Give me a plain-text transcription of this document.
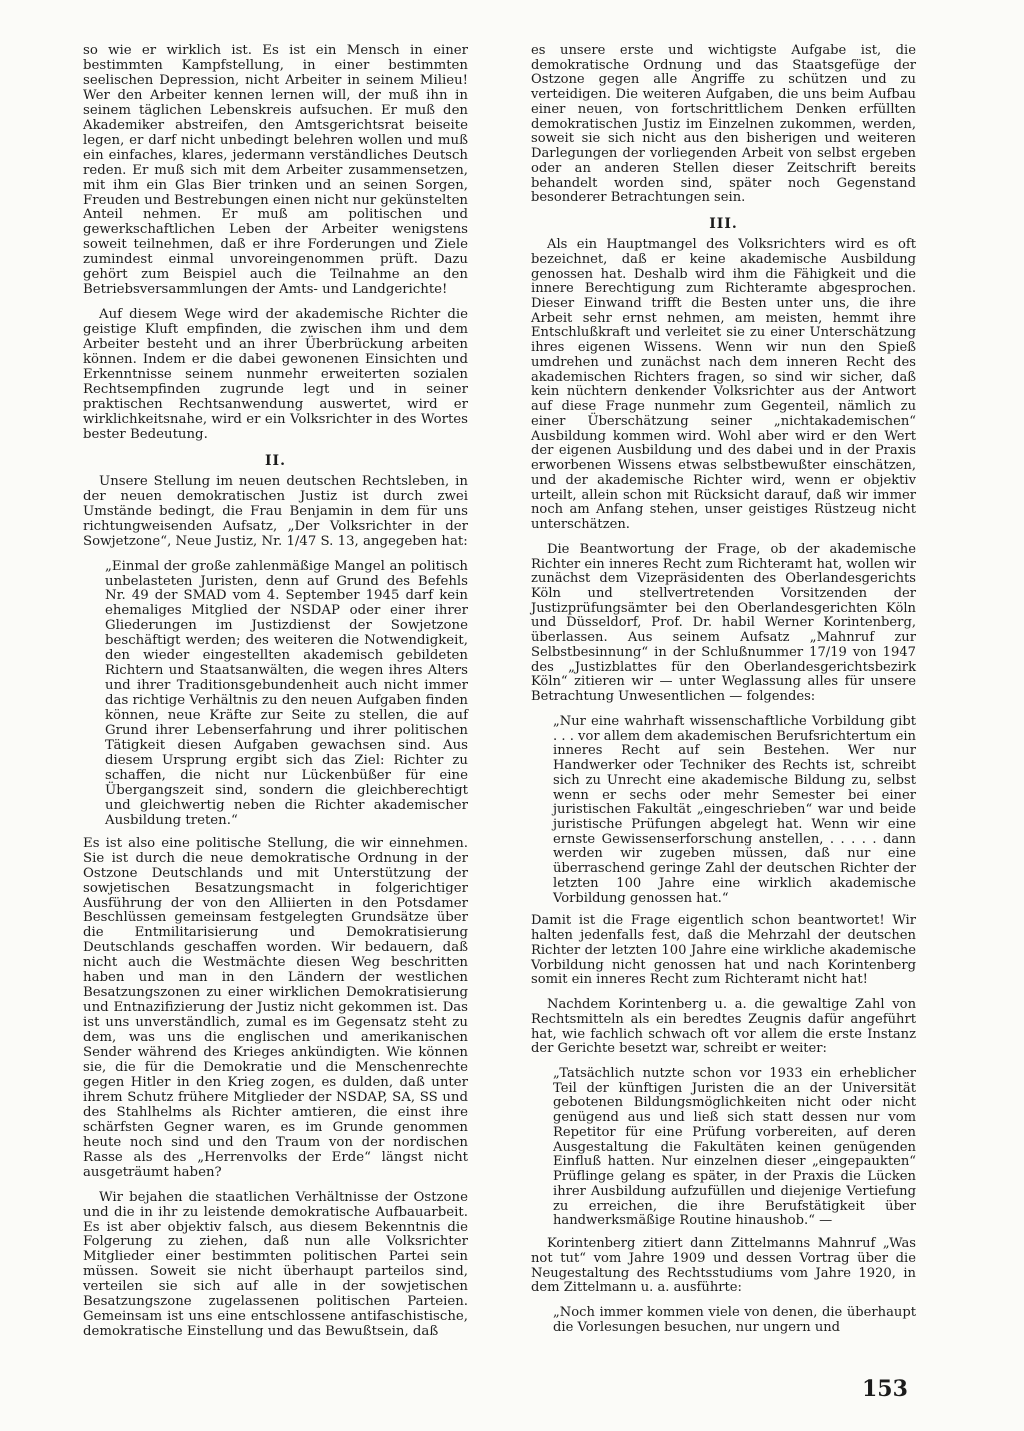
so wie er wirklich ist. Es ist ein Mensch in einer bestimmten Kampfstellung, in einer bestimmten seelischen Depression, nicht Arbeiter in seinem Milieu! Wer den Arbeiter kennen lernen will, der muß ihn in seinem täglichen Lebenskreis aufsuchen. Er muß den Akademiker abstreifen, den Amtsgerichtsrat beiseite legen, er darf nicht unbedingt belehren wollen und muß ein einfaches, klares, jedermann verständliches Deutsch reden. Er muß sich mit dem Arbeiter zusammensetzen, mit ihm ein Glas Bier trinken und an seinen Sorgen, Freuden und Bestrebungen einen nicht nur gekünstelten Anteil nehmen. Er muß am politischen und gewerkschaftlichen Leben der Arbeiter wenigstens soweit teilnehmen, daß er ihre Forderungen und Ziele zumindest einmal unvoreingenommen prüft. Dazu gehört zum Beispiel auch die Teilnahme an den Betriebsversammlungen der Amts- und Landgerichte!

Auf diesem Wege wird der akademische Richter die geistige Kluft empfinden, die zwischen ihm und dem Arbeiter besteht und an ihrer Überbrückung arbeiten können. Indem er die dabei gewonenen Einsichten und Erkenntnisse seinem nunmehr erweiterten sozialen Rechtsempfinden zugrunde legt und in seiner praktischen Rechtsanwendung auswertet, wird er wirklichkeitsnahe, wird er ein Volksrichter in des Wortes bester Bedeutung.

II.

Unsere Stellung im neuen deutschen Rechtsleben, in der neuen demokratischen Justiz ist durch zwei Umstände bedingt, die Frau Benjamin in dem für uns richtungweisenden Aufsatz, „Der Volksrichter in der Sowjetzone“, Neue Justiz, Nr. 1/47 S. 13, angegeben hat:

„Einmal der große zahlenmäßige Mangel an politisch unbelasteten Juristen, denn auf Grund des Befehls Nr. 49 der SMAD vom 4. September 1945 darf kein ehemaliges Mitglied der NSDAP oder einer ihrer Gliederungen im Justizdienst der Sowjetzone beschäftigt werden; des weiteren die Notwendigkeit, den wieder eingestellten akademisch gebildeten Richtern und Staatsanwälten, die wegen ihres Alters und ihrer Traditionsgebundenheit auch nicht immer das richtige Verhältnis zu den neuen Aufgaben finden können, neue Kräfte zur Seite zu stellen, die auf Grund ihrer Lebenserfahrung und ihrer politischen Tätigkeit diesen Aufgaben gewachsen sind. Aus diesem Ursprung ergibt sich das Ziel: Richter zu schaffen, die nicht nur Lückenbüßer für eine Übergangszeit sind, sondern die gleichberechtigt und gleichwertig neben die Richter akademischer Ausbildung treten.“

Es ist also eine politische Stellung, die wir einnehmen. Sie ist durch die neue demokratische Ordnung in der Ostzone Deutschlands und mit Unterstützung der sowjetischen Besatzungsmacht in folgerichtiger Ausführung der von den Alliierten in den Potsdamer Beschlüssen gemeinsam festgelegten Grundsätze über die Entmilitarisierung und Demokratisierung Deutschlands geschaffen worden. Wir bedauern, daß nicht auch die Westmächte diesen Weg beschritten haben und man in den Ländern der westlichen Besatzungszonen zu einer wirklichen Demokratisierung und Entnazifizierung der Justiz nicht gekommen ist. Das ist uns unverständlich, zumal es im Gegensatz steht zu dem, was uns die englischen und amerikanischen Sender während des Krieges ankündigten. Wie können sie, die für die Demokratie und die Menschenrechte gegen Hitler in den Krieg zogen, es dulden, daß unter ihrem Schutz frühere Mitglieder der NSDAP, SA, SS und des Stahlhelms als Richter amtieren, die einst ihre schärfsten Gegner waren, es im Grunde genommen heute noch sind und den Traum von der nordischen Rasse als des „Herrenvolks der Erde“ längst nicht ausgeträumt haben?

Wir bejahen die staatlichen Verhältnisse der Ostzone und die in ihr zu leistende demokratische Aufbauarbeit. Es ist aber objektiv falsch, aus diesem Bekenntnis die Folgerung zu ziehen, daß nun alle Volksrichter Mitglieder einer bestimmten politischen Partei sein müssen. Soweit sie nicht überhaupt parteilos sind, verteilen sie sich auf alle in der sowjetischen Besatzungszone zugelassenen politischen Parteien. Gemeinsam ist uns eine entschlossene antifaschistische, demokratische Einstellung und das Bewußtsein, daß

es unsere erste und wichtigste Aufgabe ist, die demokratische Ordnung und das Staatsgefüge der Ostzone gegen alle Angriffe zu schützen und zu verteidigen. Die weiteren Aufgaben, die uns beim Aufbau einer neuen, von fortschrittlichem Denken erfüllten demokratischen Justiz im Einzelnen zukommen, werden, soweit sie sich nicht aus den bisherigen und weiteren Darlegungen der vorliegenden Arbeit von selbst ergeben oder an anderen Stellen dieser Zeitschrift bereits behandelt worden sind, später noch Gegenstand besonderer Betrachtungen sein.

III.

Als ein Hauptmangel des Volksrichters wird es oft bezeichnet, daß er keine akademische Ausbildung genossen hat. Deshalb wird ihm die Fähigkeit und die innere Berechtigung zum Richteramte abgesprochen. Dieser Einwand trifft die Besten unter uns, die ihre Arbeit sehr ernst nehmen, am meisten, hemmt ihre Entschlußkraft und verleitet sie zu einer Unterschätzung ihres eigenen Wissens. Wenn wir nun den Spieß umdrehen und zunächst nach dem inneren Recht des akademischen Richters fragen, so sind wir sicher, daß kein nüchtern denkender Volksrichter aus der Antwort auf diese Frage nunmehr zum Gegenteil, nämlich zu einer Überschätzung seiner „nichtakademischen“ Ausbildung kommen wird. Wohl aber wird er den Wert der eigenen Ausbildung und des dabei und in der Praxis erworbenen Wissens etwas selbstbewußter einschätzen, und der akademische Richter wird, wenn er objektiv urteilt, allein schon mit Rücksicht darauf, daß wir immer noch am Anfang stehen, unser geistiges Rüstzeug nicht unterschätzen.

Die Beantwortung der Frage, ob der akademische Richter ein inneres Recht zum Richteramt hat, wollen wir zunächst dem Vizepräsidenten des Oberlandesgerichts Köln und stellvertretenden Vorsitzenden der Justizprüfungsämter bei den Oberlandesgerichten Köln und Düsseldorf, Prof. Dr. habil Werner Korintenberg, überlassen. Aus seinem Aufsatz „Mahnruf zur Selbstbesinnung“ in der Schlußnummer 17/19 von 1947 des „Justizblattes für den Oberlandesgerichtsbezirk Köln“ zitieren wir — unter Weglassung alles für unsere Betrachtung Unwesentlichen — folgendes:

„Nur eine wahrhaft wissenschaftliche Vorbildung gibt . . . vor allem dem akademischen Berufsrichtertum ein inneres Recht auf sein Bestehen. Wer nur Handwerker oder Techniker des Rechts ist, schreibt sich zu Unrecht eine akademische Bildung zu, selbst wenn er sechs oder mehr Semester bei einer juristischen Fakultät „eingeschrieben“ war und beide juristische Prüfungen abgelegt hat. Wenn wir eine ernste Gewissenserforschung anstellen, . . . . . dann werden wir zugeben müssen, daß nur eine überraschend geringe Zahl der deutschen Richter der letzten 100 Jahre eine wirklich akademische Vorbildung genossen hat.“

Damit ist die Frage eigentlich schon beantwortet! Wir halten jedenfalls fest, daß die Mehrzahl der deutschen Richter der letzten 100 Jahre eine wirkliche akademische Vorbildung nicht genossen hat und nach Korintenberg somit ein inneres Recht zum Richteramt nicht hat!

Nachdem Korintenberg u. a. die gewaltige Zahl von Rechtsmitteln als ein beredtes Zeugnis dafür angeführt hat, wie fachlich schwach oft vor allem die erste Instanz der Gerichte besetzt war, schreibt er weiter:

„Tatsächlich nutzte schon vor 1933 ein erheblicher Teil der künftigen Juristen die an der Universität gebotenen Bildungsmöglichkeiten nicht oder nicht genügend aus und ließ sich statt dessen nur vom Repetitor für eine Prüfung vorbereiten, auf deren Ausgestaltung die Fakultäten keinen genügenden Einfluß hatten. Nur einzelnen dieser „eingepaukten“ Prüflinge gelang es später, in der Praxis die Lücken ihrer Ausbildung aufzufüllen und diejenige Vertiefung zu erreichen, die ihre Berufstätigkeit über handwerksmäßige Routine hinaushob.“ —

Korintenberg zitiert dann Zittelmanns Mahnruf „Was not tut“ vom Jahre 1909 und dessen Vortrag über die Neugestaltung des Rechtsstudiums vom Jahre 1920, in dem Zittelmann u. a. ausführte:

„Noch immer kommen viele von denen, die überhaupt die Vorlesungen besuchen, nur ungern und

153
